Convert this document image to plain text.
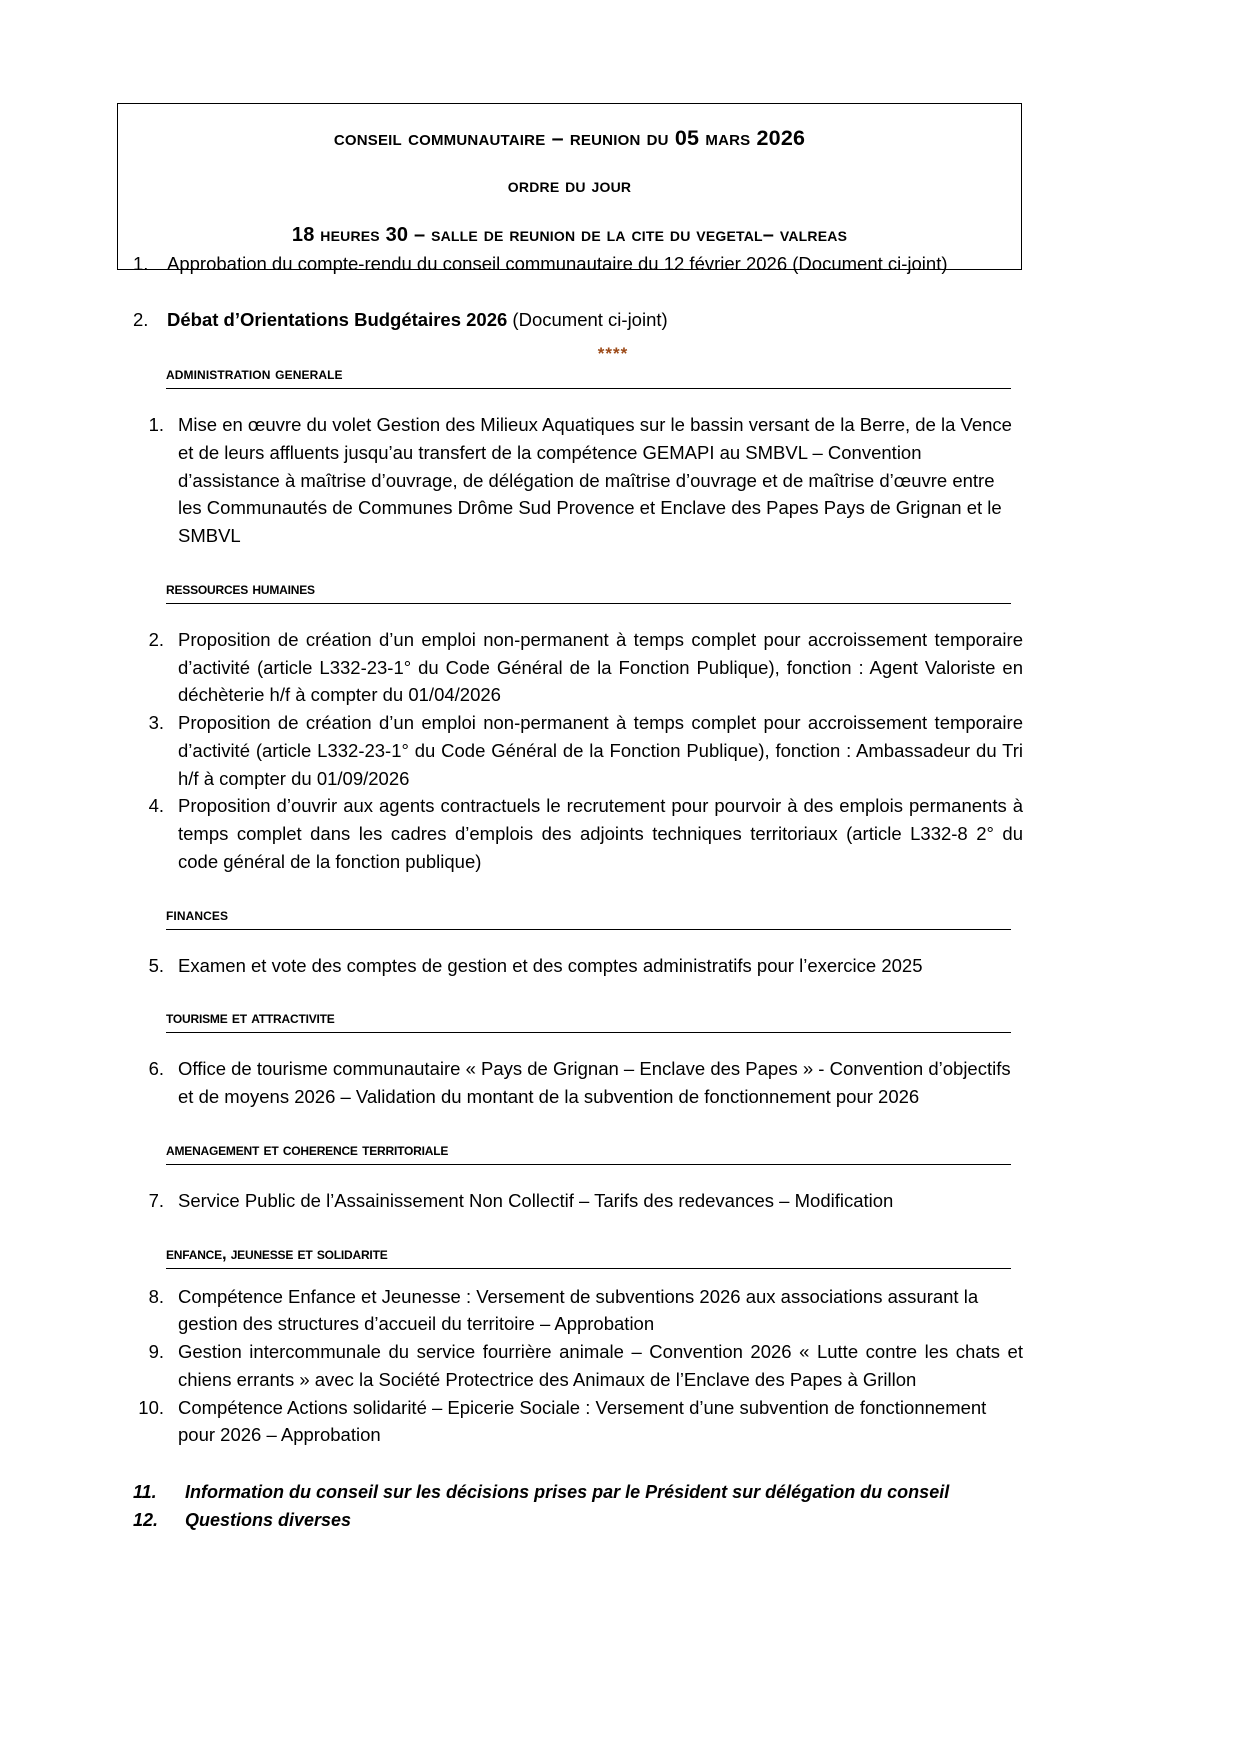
conseil communautaire – reunion du 05 mars 2026
ordre du jour
18 heures 30 – salle de reunion de la cite du vegetal– valreas
1.	Approbation du compte-rendu du conseil communautaire du 12 février 2026 (Document ci-joint)
2.	Débat d’Orientations Budgétaires 2026 (Document ci-joint)
****
administration generale
1. Mise en œuvre du volet Gestion des Milieux Aquatiques sur le bassin versant de la Berre, de la Vence et de leurs affluents jusqu’au transfert de la compétence GEMAPI au SMBVL – Convention d’assistance à maîtrise d’ouvrage, de délégation de maîtrise d’ouvrage et de maîtrise d’œuvre entre les Communautés de Communes Drôme Sud Provence et Enclave des Papes Pays de Grignan et le SMBVL
ressources humaines
2. Proposition de création d’un emploi non-permanent à temps complet pour accroissement temporaire d’activité (article L332-23-1° du Code Général de la Fonction Publique), fonction : Agent Valoriste en déchèterie h/f à compter du 01/04/2026
3. Proposition de création d’un emploi non-permanent à temps complet pour accroissement temporaire d’activité (article L332-23-1° du Code Général de la Fonction Publique), fonction : Ambassadeur du Tri h/f à compter du 01/09/2026
4. Proposition d’ouvrir aux agents contractuels le recrutement pour pourvoir à des emplois permanents à temps complet dans les cadres d’emplois des adjoints techniques territoriaux (article L332-8 2° du code général de la fonction publique)
finances
5. Examen et vote des comptes de gestion et des comptes administratifs pour l’exercice 2025
tourisme et attractivite
6. Office de tourisme communautaire « Pays de Grignan – Enclave des Papes » - Convention d’objectifs et de moyens 2026 – Validation du montant de la subvention de fonctionnement pour 2026
amenagement et coherence territoriale
7. Service Public de l’Assainissement Non Collectif – Tarifs des redevances – Modification
enfance, jeunesse et solidarite
8. Compétence Enfance et Jeunesse : Versement de subventions 2026 aux associations assurant la gestion des structures d’accueil du territoire – Approbation
9. Gestion intercommunale du service fourrière animale – Convention 2026 « Lutte contre les chats et chiens errants » avec la Société Protectrice des Animaux de l’Enclave des Papes à Grillon
10. Compétence Actions solidarité – Epicerie Sociale : Versement d’une subvention de fonctionnement pour 2026 – Approbation
11.	Information du conseil sur les décisions prises par le Président sur délégation du conseil
12.	Questions diverses
